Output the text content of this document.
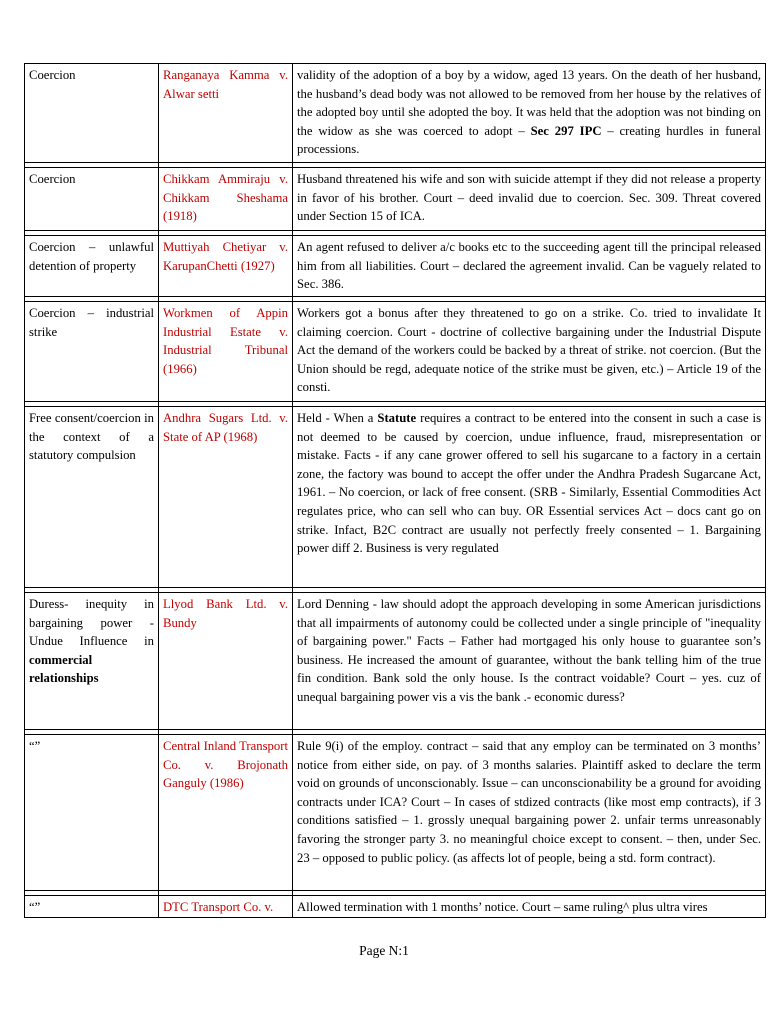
Coercion	Ranganaya Kamma v. Alwar setti	validity of the adoption of a boy by a widow, aged 13 years. On the death of her husband, the husband’s dead body was not allowed to be removed from her house by the relatives of the adopted boy until she adopted the boy. It was held that the adoption was not binding on the widow as she was coerced to adopt – Sec 297 IPC – creating hurdles in funeral processions.

Coercion	Chikkam Ammiraju v. Chikkam Sheshama (1918)	Husband threatened his wife and son with suicide attempt if they did not release a property in favor of his brother. Court – deed invalid due to coercion. Sec. 309. Threat covered under Section 15 of ICA.

Coercion – unlawful detention of property	Muttiyah Chetiyar v. KarupanChetti (1927)	An agent refused to deliver a/c books etc to the succeeding agent till the principal released him from all liabilities. Court – declared the agreement invalid. Can be vaguely related to Sec. 386.

Coercion – industrial strike	Workmen of Appin Industrial Estate v. Industrial Tribunal (1966)	Workers got a bonus after they threatened to go on a strike. Co. tried to invalidate It claiming coercion. Court - doctrine of collective bargaining under the Industrial Dispute Act the demand of the workers could be backed by a threat of strike. not coercion. (But the Union should be regd, adequate notice of the strike must be given, etc.) – Article 19 of the consti.

Free consent/coercion in the context of a statutory compulsion	Andhra Sugars Ltd. v. State of AP (1968)	Held - When a Statute requires a contract to be entered into the consent in such a case is not deemed to be caused by coercion, undue influence, fraud, misrepresentation or mistake. Facts - if any cane grower offered to sell his sugarcane to a factory in a certain zone, the factory was bound to accept the offer under the Andhra Pradesh Sugarcane Act, 1961. – No coercion, or lack of free consent. (SRB - Similarly, Essential Commodities Act regulates price, who can sell who can buy. OR Essential services Act – docs cant go on strike. Infact, B2C contract are usually not perfectly freely consented – 1. Bargaining power diff 2. Business is very regulated

Duress- inequity in bargaining power - Undue Influence in commercial relationships	Llyod Bank Ltd. v. Bundy	Lord Denning - law should adopt the approach developing in some American jurisdictions that all impairments of autonomy could be collected under a single principle of "inequality of bargaining power." Facts – Father had mortgaged his only house to guarantee son’s business. He increased the amount of guarantee, without the bank telling him of the true fin condition. Bank sold the only house. Is the contract voidable? Court – yes. cuz of unequal bargaining power vis a vis the bank .- economic duress?

“”	Central Inland Transport Co. v. Brojonath Ganguly (1986)	Rule 9(i) of the employ. contract – said that any employ can be terminated on 3 months’ notice from either side, on pay. of 3 months salaries. Plaintiff asked to declare the term void on grounds of unconscionably. Issue – can unconscionability be a ground for avoiding contracts under ICA? Court – In cases of stdized contracts (like most emp contracts), if 3 conditions satisfied – 1. grossly unequal bargaining power 2. unfair terms unreasonably favoring the stronger party 3. no meaningful choice except to consent. – then, under Sec. 23 – opposed to public policy. (as affects lot of people, being a std. form contract).

“”	DTC Transport Co. v.	Allowed termination with 1 months’ notice. Court – same ruling^ plus ultra vires
Page N:1
